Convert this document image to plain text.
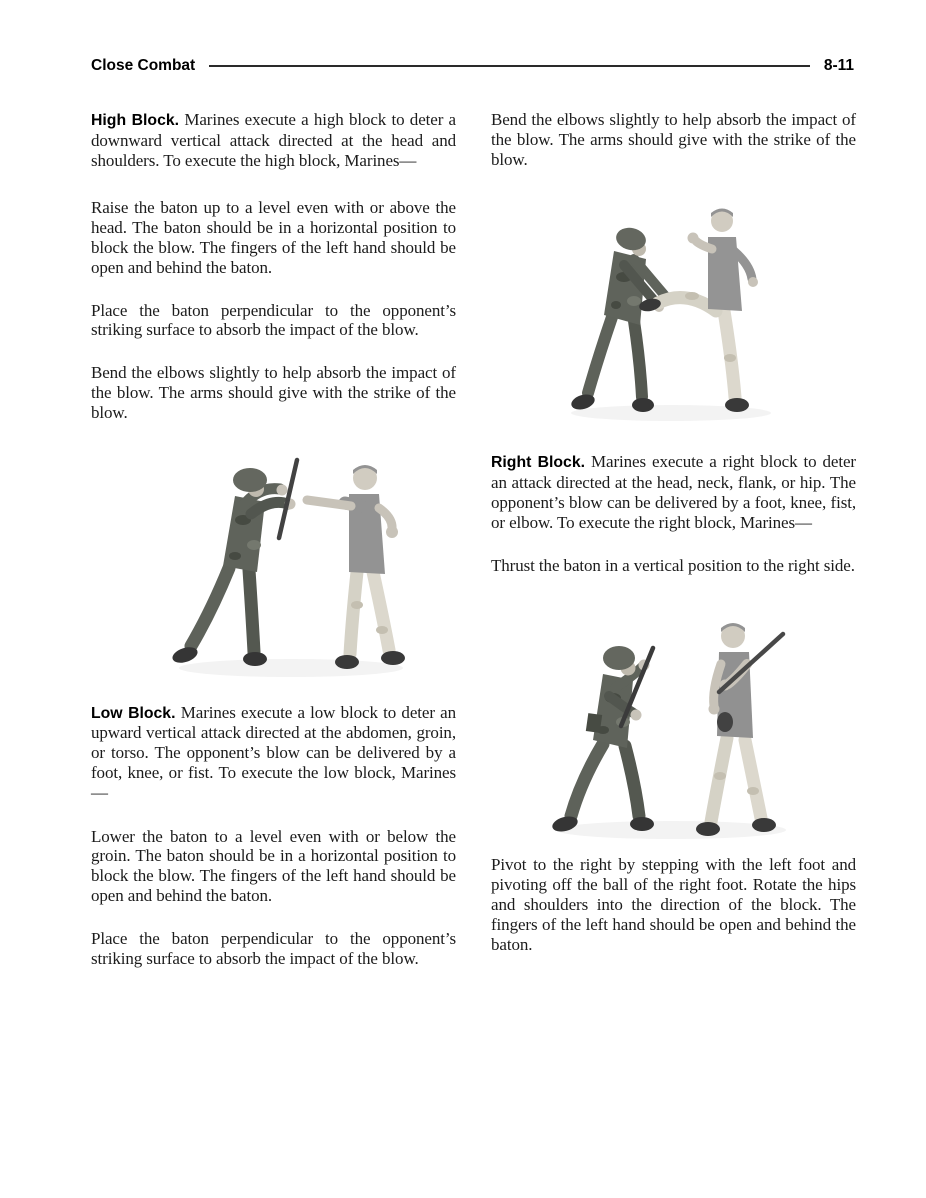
Close Combat	8-11

High Block. Marines execute a high block to deter a downward vertical attack directed at the head and shoulders. To execute the high block, Marines—

Raise the baton up to a level even with or above the head. The baton should be in a horizontal position to block the blow. The fingers of the left hand should be open and behind the baton.

Place the baton perpendicular to the opponent’s striking surface to absorb the impact of the blow.

Bend the elbows slightly to help absorb the impact of the blow. The arms should give with the strike of the blow.

Low Block. Marines execute a low block to deter an upward vertical attack directed at the abdomen, groin, or torso. The opponent’s blow can be delivered by a foot, knee, or fist. To execute the low block, Marines—

Lower the baton to a level even with or below the groin. The baton should be in a horizontal position to block the blow. The fingers of the left hand should be open and behind the baton.

Place the baton perpendicular to the opponent’s striking surface to absorb the impact of the blow.

Bend the elbows slightly to help absorb the impact of the blow. The arms should give with the strike of the blow.

Right Block. Marines execute a right block to deter an attack directed at the head, neck, flank, or hip. The opponent’s blow can be delivered by a foot, knee, fist, or elbow. To execute the right block, Marines—

Thrust the baton in a vertical position to the right side.

Pivot to the right by stepping with the left foot and pivoting off the ball of the right foot. Rotate the hips and shoulders into the direction of the block. The fingers of the left hand should be open and behind the baton.
